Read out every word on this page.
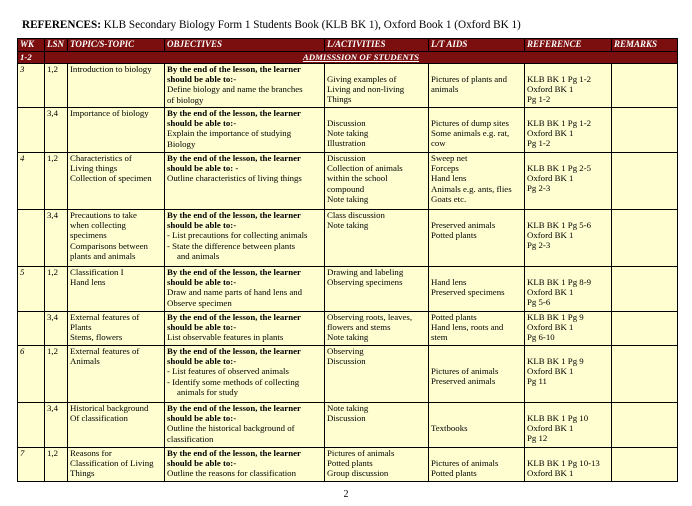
REFERENCES: KLB Secondary Biology Form 1 Students Book (KLB BK 1), Oxford Book 1 (Oxford BK 1)
WK	LSN	TOPIC/S-TOPIC	OBJECTIVES	L/ACTIVITIES	L/T AIDS	REFERENCE	REMARKS
1-2	ADMISSSION OF STUDENTS						
3	1,2	Introduction to biology	By the end of the lesson, the learner
should be able to:-
Define biology and name the branches
of biology	Giving examples of
Living and non-living
Things	Pictures of plants and
animals	KLB BK 1 Pg 1-2
Oxford BK 1
Pg 1-2	

	3,4	Importance of biology	By the end of the lesson, the learner
should be able to:-
Explain the importance of studying
Biology	Discussion
Note taking
Illustration	Pictures of dump sites
Some animals e.g. rat,
cow	KLB BK 1 Pg 1-2
Oxford BK 1
Pg 1-2	

4	1,2	Characteristics of
Living things
Collection of specimen	By the end of the lesson, the learner
should be able to: -
Outline characteristics of living things	Discussion
Collection of animals
within the school
compound
Note taking	Sweep net
Forceps
Hand lens
Animals e.g. ants, flies
Goats etc.	KLB BK 1 Pg 2-5
Oxford BK 1
Pg 2-3	

	3,4	Precautions to take
when collecting
specimens
Comparisons between
plants and animals	By the end of the lesson, the learner
should be able to:-
- List precautions for collecting animals
- State the difference between plants
and animals	Class discussion
Note taking	Preserved animals
Potted plants	KLB BK 1 Pg 5-6
Oxford BK 1
Pg 2-3	

5	1,2	Classification I
Hand lens	By the end of the lesson, the learner
should be able to:-
Draw and name parts of hand lens and
Observe specimen	Drawing and labeling
Observing specimens	Hand lens
Preserved specimens	KLB BK 1 Pg 8-9
Oxford BK 1
Pg 5-6	

	3,4	External features of
Plants
Stems, flowers	By the end of the lesson, the learner
should be able to:-
List observable features in plants	Observing roots, leaves,
flowers and stems
Note taking	Potted plants
Hand lens, roots and
stem	KLB BK 1 Pg 9
Oxford BK 1
Pg 6-10	

6	1,2	External features of
Animals	By the end of the lesson, the learner
should be able to:-
- List features of observed animals
- Identify some methods of collecting
animals for study	Observing
Discussion	Pictures of animals
Preserved animals	KLB BK 1 Pg 9
Oxford BK 1
Pg 11	

	3,4	Historical background
Of classification	By the end of the lesson, the learner
should be able to:-
Outline the historical background of
classification	Note taking
Discussion	Textbooks	KLB BK 1 Pg 10
Oxford BK 1
Pg 12	

7	1,2	Reasons for
Classification of Living
Things	By the end of the lesson, the learner
should be able to:-
Outline the reasons for classification	Pictures of animals
Potted plants
Group discussion	Pictures of animals
Potted plants	KLB BK 1 Pg 10-13
Oxford BK 1	

2
